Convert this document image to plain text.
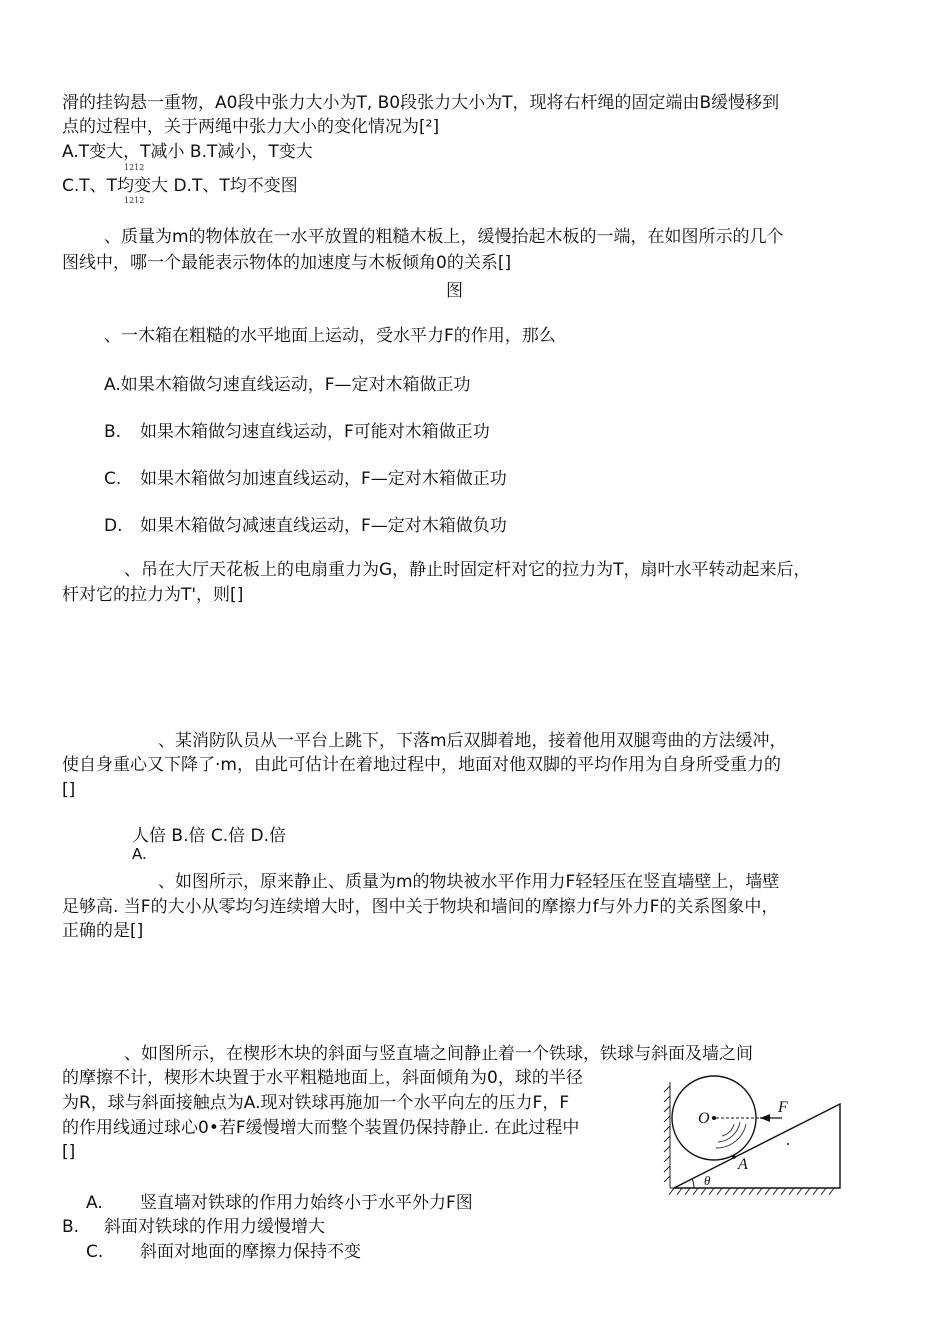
滑的挂钩悬一重物，A0段中张力大小为T, B0段张力大小为T，现将右杆绳的固定端由B缓慢移到
点的过程中，关于两绳中张力大小的变化情况为[²]
A.T变大，T减小 B.T减小，T变大
1212
C.T、T均变大 D.T、T均不变图
1212
、质量为m的物体放在一水平放置的粗糙木板上，缓慢抬起木板的一端，在如图所示的几个
图线中，哪一个最能表示物体的加速度与木板倾角0的关系[]
图
、一木箱在粗糙的水平地面上运动，受水平力F的作用，那么
A.如果木箱做匀速直线运动，F—定对木箱做正功
B. 如果木箱做匀速直线运动，F可能对木箱做正功
C. 如果木箱做匀加速直线运动，F—定对木箱做正功
D. 如果木箱做匀减速直线运动，F—定对木箱做负功
、吊在大厅天花板上的电扇重力为G，静止时固定杆对它的拉力为T，扇叶水平转动起来后，
杆对它的拉力为T'，则[]
、某消防队员从一平台上跳下，下落m后双脚着地，接着他用双腿弯曲的方法缓冲，
使自身重心又下降了·m，由此可估计在着地过程中，地面对他双脚的平均作用为自身所受重力的
[]
人倍 B.倍 C.倍 D.倍
A.
、如图所示，原来静止、质量为m的物块被水平作用力F轻轻压在竖直墙壁上，墙壁
足够高. 当F的大小从零均匀连续增大时，图中关于物块和墙间的摩擦力f与外力F的关系图象中，
正确的是[]
、如图所示，在楔形木块的斜面与竖直墙之间静止着一个铁球，铁球与斜面及墙之间
的摩擦不计，楔形木块置于水平粗糙地面上，斜面倾角为0，球的半径
为R，球与斜面接触点为A.现对铁球再施加一个水平向左的压力F，F
的作用线通过球心0•若F缓慢增大而整个装置仍保持静止. 在此过程中
[]
A. 竖直墙对铁球的作用力始终小于水平外力F图
B. 斜面对铁球的作用力缓慢增大
C. 斜面对地面的摩擦力保持不变
O
F
A
θ
